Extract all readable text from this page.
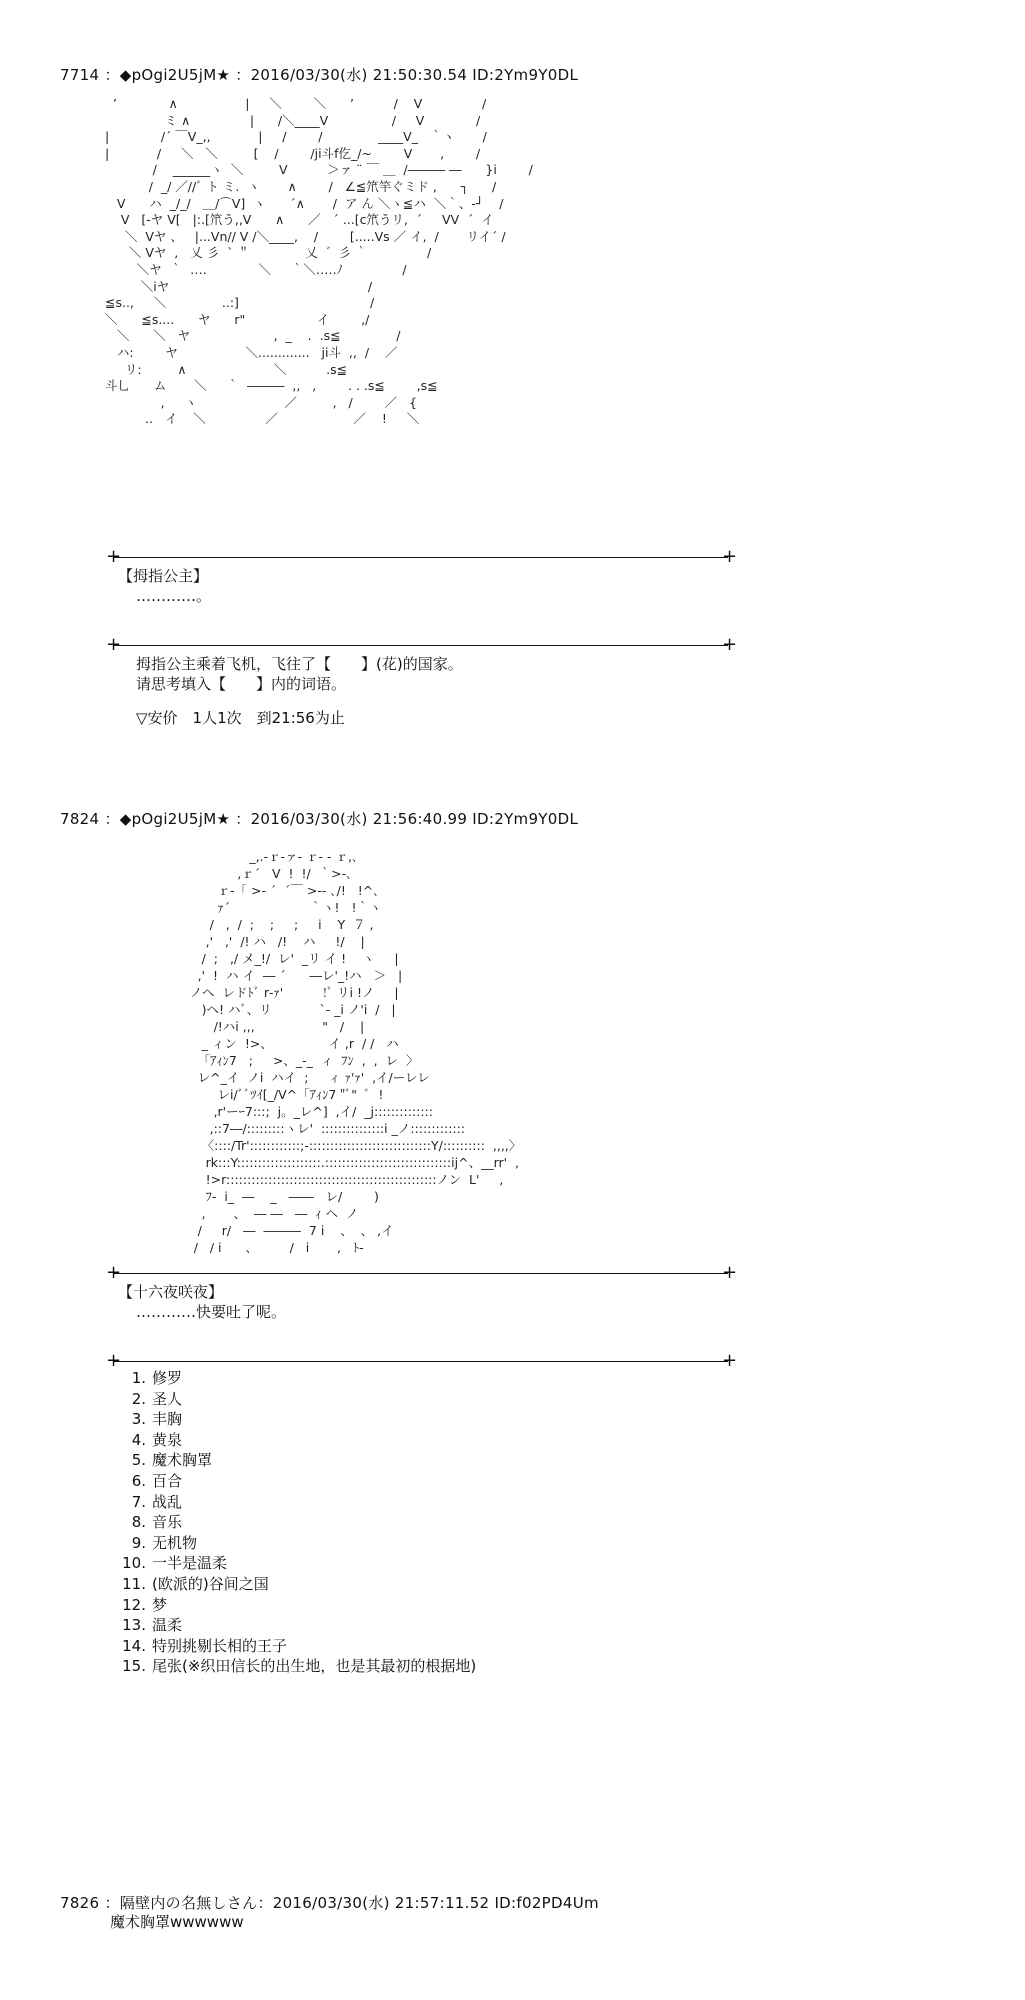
7714 ：◆pOgi2U5jM★ ：2016/03/30(水) 21:50:30.54 ID:2Ym9Y0DL
’             ∧                 |     ＼        ＼      ’          /    V               /
ミ ∧               |      /＼____V                /     V             /
|             /´ ￣V_,,            |     /        /              ____V_   ｀ヽ       /
|            /     ＼   ＼         [    /        /ji斗f仡_/~        V       ,        /
/    ______ヽ  ＼         V          ＞ァ ¨ ￣ ＿  /――― ―      }i        /
/  _/ ／//ﾞ ト ミ.  ヽ       ∧        /   ∠≦笊竿ぐミド ,      ┐      /
V      ハ  _/_/   ＿/⌒V]  ヽ      ´∧       /  ア ん ＼ヽ≦ハ  ＼｀、-┘    /
V   [-ヤ V[   |:.[笊う,,V      ∧      ／   ´ ...[c笊うリ,  ´     VV  ´  イ
＼  Vヤ 、   |...Vn// V /＼____,    /        [.....Vs ／ イ,  /       リイ´ /
＼ Vヤ  ,   乂 彡  ` ＂              乂  ゛彡 ｀               /
＼ヤ  ｀  ‥‥             ＼     ｀＼‥‥.ﾉ               /
＼iヤ                                                  /
≦s..,     ＼              ..:]                                 /
＼      ≦s....      ヤ      r"                  イ        ,/
＼      ＼   ヤ                     ,  _    .  .s≦              /
ハ:        ヤ                 ＼.............   ji斗  ,,  /    ／
リ:         ∧                      ＼          .s≦
斗乚      ム       ＼     ｀  ―――  ,,   ,        . . .s≦        ,s≦
,     ヽ                      ／         ,   /        ／   {
‥   イ    ＼               ／                   ／    !     ＼
+	+
【拇指公主】
…………。
+	+
拇指公主乘着飞机，飞往了【　　】(花)的国家。
请思考填入【　　】内的词语。
▽安价　1人1次　到21:56为止
7824 ：◆pOgi2U5jM★ ：2016/03/30(水) 21:56:40.99 ID:2Ym9Y0DL
_,.-ｒ‐ァ‐ ｒ‐ ‐ ｒ,､
,ｒ´   V  !  !/  ｀>-､
ｒ-「 >- ´  ´￣ >-- ､/!   !^､
ｧ´                    ｀ヽ!   !｀ヽ
/   ,  /  ;    ;     ;     i    Y  ７ ,
,'   ,'  /! ハ   /!    ハ     !/    |
/  ;   ,/ メ_!/  レ'  _リ イ !    ヽ     |
,'  !  ハ イ  ― ´      ―レ'_!ハ   ＞   |
ノへ  レドﾄﾞ r‐ｧ'          !ﾞ リi !ノ     |
)へ! ハﾞ、リ            `- _i ノ'i  /   |
/!ハi ,,,                 "   /    |
_ ィン  !>、              イ ,r  / /   ハ
「ｱｨﾝ7   ;     >、_-_  ィ  ﾌﾝ  ,  ,  レ  〉
レ^_イ  ノi  ハイ  ;     ィ ｧ'ｧ'  ,イ/ーレレ
レi/ﾞﾞﾂｲ[_/V^「ｱｨﾝ7 "ﾞ"  ﾞ  !
,r'ーｰ7:::;  j。_レ^]  ,イ/  _j::::::::::::::
,::7―/:::::::::ヽレ'  :::::::::::::::i _ノ:::::::::::::
〈::::/Tr'::::::::::::;-:::::::::::::::::::::::::::::Y/::::::::::  ,,,,〉
rk:::Y::::::::::::::::::::.::::::::::::::::::::::::::::::ij^、__rr'  ,
!>r::::::::::::::::::::::::::::::::::::::::::::::::::ノン  L'     ,
ﾌ-  i_  ―    _   ――   レ/        )
,       、  ― ―   ―  ｨ ヘ  ノ
/     r/   ―  ―――  7 i    、  、 ,イ
/   / i      、        /   i       ,   ﾄ-
+	+
【十六夜咲夜】
…………快要吐了呢。
+	+
1. 修罗
2. 圣人
3. 丰胸
4. 黄泉
5. 魔术胸罩
6. 百合
7. 战乱
8. 音乐
9. 无机物
10. 一半是温柔
11. (欧派的)谷间之国
12. 梦
13. 温柔
14. 特别挑剔长相的王子
15. 尾张(※织田信长的出生地，也是其最初的根据地)
7826 ：隔壁内の名無しさん：2016/03/30(水) 21:57:11.52 ID:f02PD4Um
魔术胸罩wwwwww
